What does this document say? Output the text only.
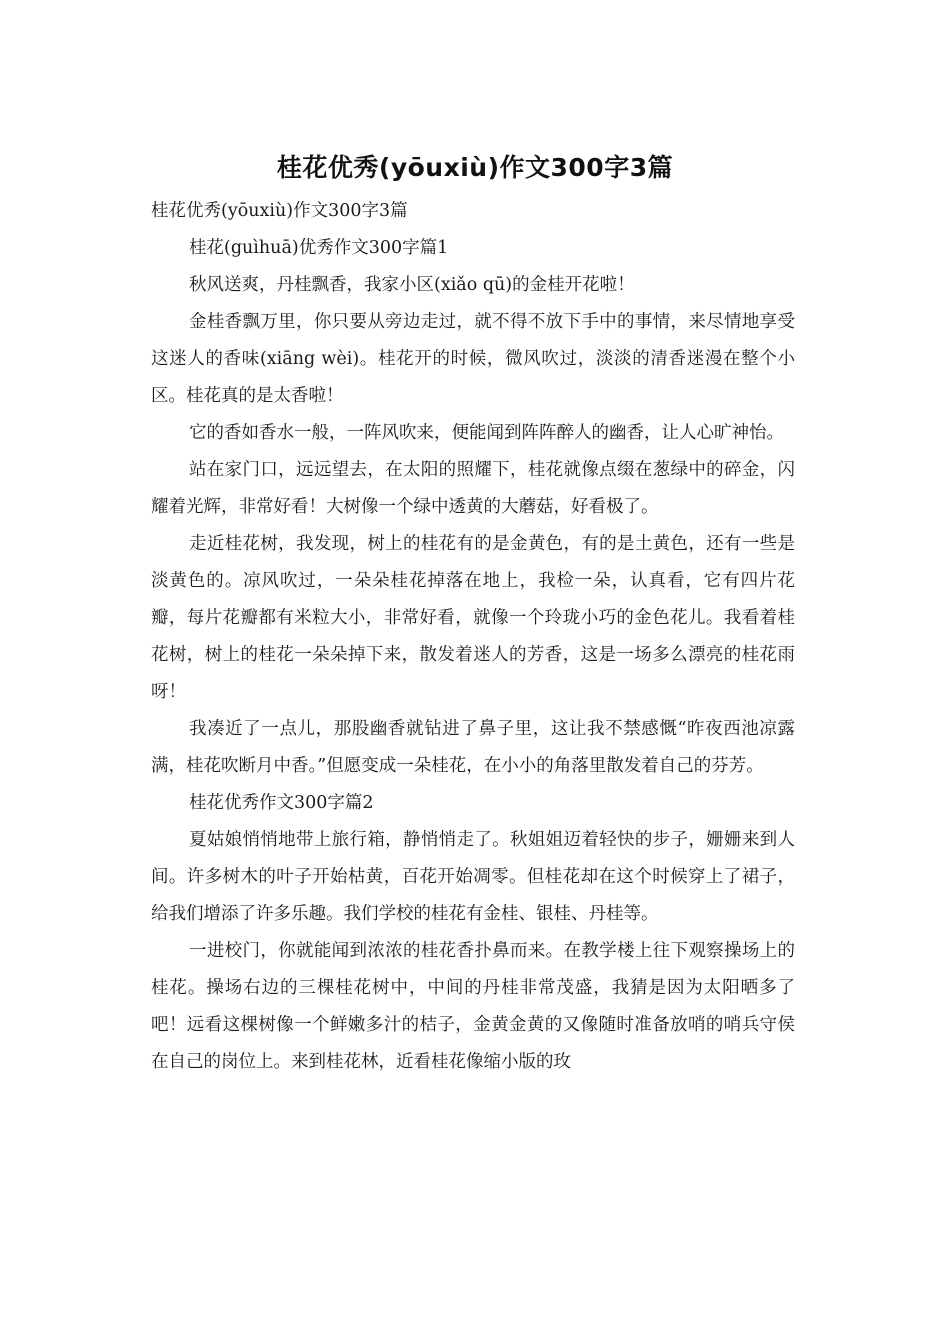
桂花优秀(yōuxiù)作文300字3篇

桂花优秀(yōuxiù)作文300字3篇

桂花(guìhuā)优秀作文300字篇1

秋风送爽，丹桂飘香，我家小区(xiǎo qū)的金桂开花啦！

金桂香飘万里，你只要从旁边走过，就不得不放下手中的事情，来尽情地享受这迷人的香味(xiāng wèi)。桂花开的时候，微风吹过，淡淡的清香迷漫在整个小区。桂花真的是太香啦！

它的香如香水一般，一阵风吹来，便能闻到阵阵醉人的幽香，让人心旷神怡。

站在家门口，远远望去，在太阳的照耀下，桂花就像点缀在葱绿中的碎金，闪耀着光辉，非常好看！大树像一个绿中透黄的大蘑菇，好看极了。

走近桂花树，我发现，树上的桂花有的是金黄色，有的是土黄色，还有一些是淡黄色的。凉风吹过，一朵朵桂花掉落在地上，我检一朵，认真看，它有四片花瓣，每片花瓣都有米粒大小，非常好看，就像一个玲珑小巧的金色花儿。我看着桂花树，树上的桂花一朵朵掉下来，散发着迷人的芳香，这是一场多么漂亮的桂花雨呀！

我凑近了一点儿，那股幽香就钻进了鼻子里，这让我不禁感慨“昨夜西池凉露满，桂花吹断月中香。”但愿变成一朵桂花，在小小的角落里散发着自己的芬芳。

桂花优秀作文300字篇2

夏姑娘悄悄地带上旅行箱，静悄悄走了。秋姐姐迈着轻快的步子，姗姗来到人间。许多树木的叶子开始枯黄，百花开始凋零。但桂花却在这个时候穿上了裙子，给我们增添了许多乐趣。我们学校的桂花有金桂、银桂、丹桂等。

一进校门，你就能闻到浓浓的桂花香扑鼻而来。在教学楼上往下观察操场上的桂花。操场右边的三棵桂花树中，中间的丹桂非常茂盛，我猜是因为太阳晒多了吧！远看这棵树像一个鲜嫩多汁的桔子，金黄金黄的又像随时准备放哨的哨兵守侯在自己的岗位上。来到桂花林，近看桂花像缩小版的玫
